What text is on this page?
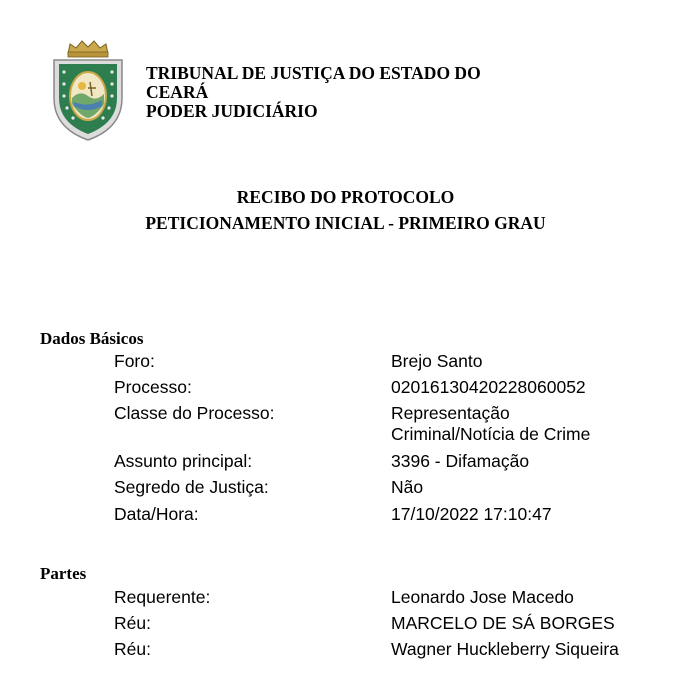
TRIBUNAL DE JUSTIÇA DO ESTADO DO
CEARÁ
PODER JUDICIÁRIO
RECIBO DO PROTOCOLO
PETICIONAMENTO INICIAL - PRIMEIRO GRAU
Dados Básicos
Foro:	Brejo Santo
Processo:	02016130420228060052
Classe do Processo:	Representação
Criminal/Notícia de Crime
Assunto principal:	3396 - Difamação
Segredo de Justiça:	Não
Data/Hora:	17/10/2022 17:10:47
Partes
Requerente:	Leonardo Jose Macedo
Réu:	MARCELO DE SÁ BORGES
Réu:	Wagner Huckleberry Siqueira
